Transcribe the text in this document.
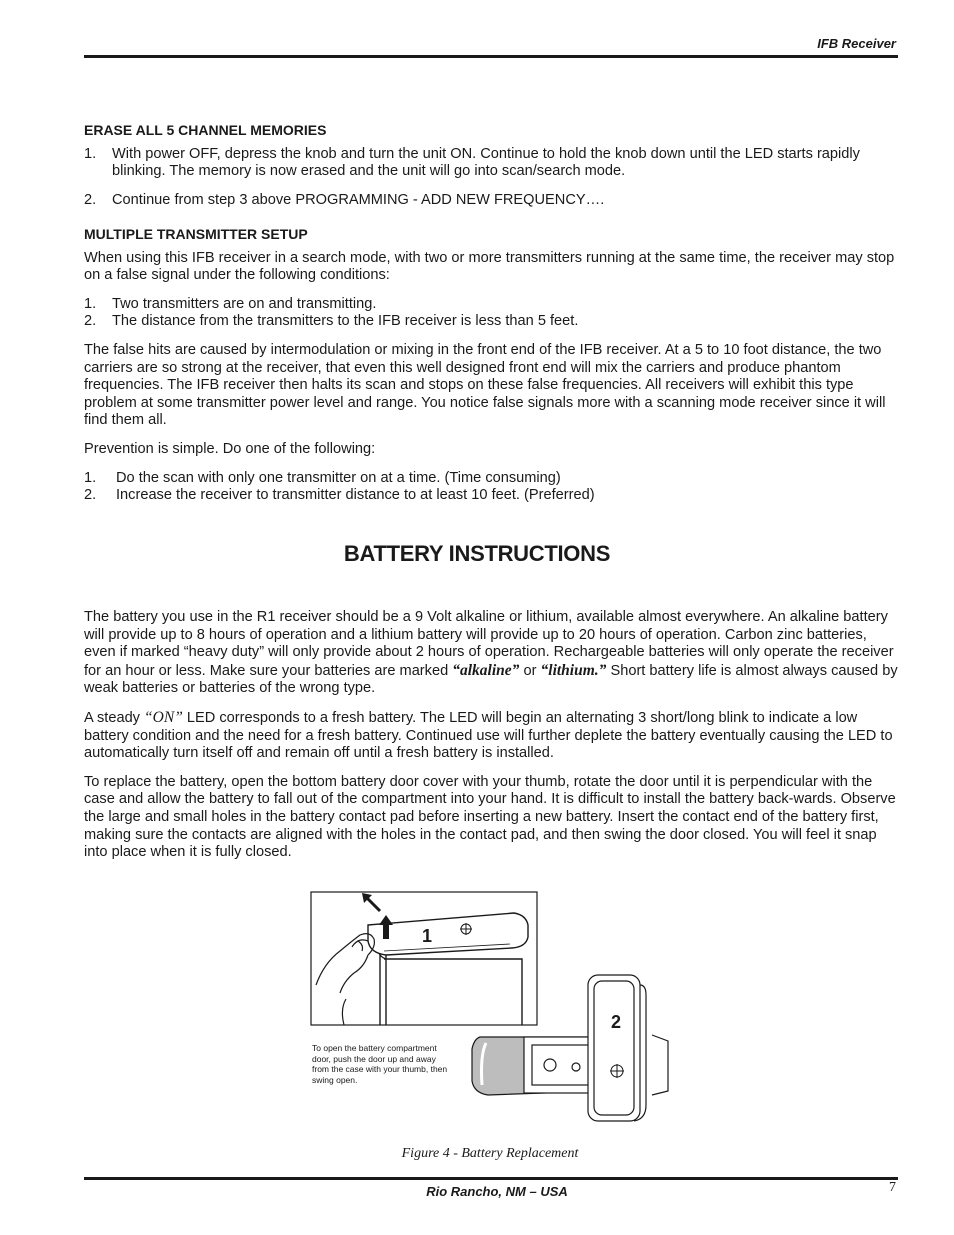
IFB Receiver

ERASE ALL 5 CHANNEL MEMORIES

1.	With power OFF, depress the knob and turn the unit ON. Continue to hold the knob down until the LED starts rapidly blinking. The memory is now erased and the unit will go into scan/search mode.
2.	Continue from step 3 above PROGRAMMING - ADD NEW FREQUENCY….

MULTIPLE TRANSMITTER SETUP

When using this IFB receiver in a search mode, with two or more transmitters running at the same time, the receiver may stop on a false signal under the following conditions:

1.	Two transmitters are on and transmitting.
2.	The distance from the transmitters to the IFB receiver is less than 5 feet.

The false hits are caused by intermodulation or mixing in the front end of the IFB receiver. At a 5 to 10 foot distance, the two carriers are so strong at the receiver, that even this well designed front end will mix the carriers and produce phantom frequencies. The IFB receiver then halts its scan and stops on these false frequencies. All receivers will exhibit this type problem at some transmitter power level and range. You notice false signals more with a scanning mode receiver since it will find them all.

Prevention is simple. Do one of the following:

1.	Do the scan with only one transmitter on at a time. (Time consuming)
2.	Increase the receiver to transmitter distance to at least 10 feet. (Preferred)
BATTERY INSTRUCTIONS

The battery you use in the R1 receiver should be a 9 Volt alkaline or lithium, available almost everywhere. An alkaline battery will provide up to 8 hours of operation and a lithium battery will provide up to 20 hours of operation. Carbon zinc batteries, even if marked “heavy duty” will only provide about 2 hours of operation. Rechargeable batteries will only operate the receiver for an hour or less. Make sure your batteries are marked “alkaline” or “lithium.” Short battery life is almost always caused by weak batteries or batteries of the wrong type.

A steady “ON” LED corresponds to a fresh battery. The LED will begin an alternating 3 short/long blink to indicate a low battery condition and the need for a fresh battery. Continued use will further deplete the battery eventually causing the LED to automatically turn itself off and remain off until a fresh battery is installed.

To replace the battery, open the bottom battery door cover with your thumb, rotate the door until it is perpendicular with the case and allow the battery to fall out of the compartment into your hand. It is difficult to install the battery back-wards. Observe the large and small holes in the battery contact pad before inserting a new battery. Insert the contact end of the battery first, making sure the contacts are aligned with the holes in the contact pad, and then swing the door closed. You will feel it snap into place when it is fully closed.

1
2
To open the battery compartment door, push the door up and away from the case with your thumb, then swing open.
Figure 4 - Battery Replacement
Rio Rancho, NM – USA	7
